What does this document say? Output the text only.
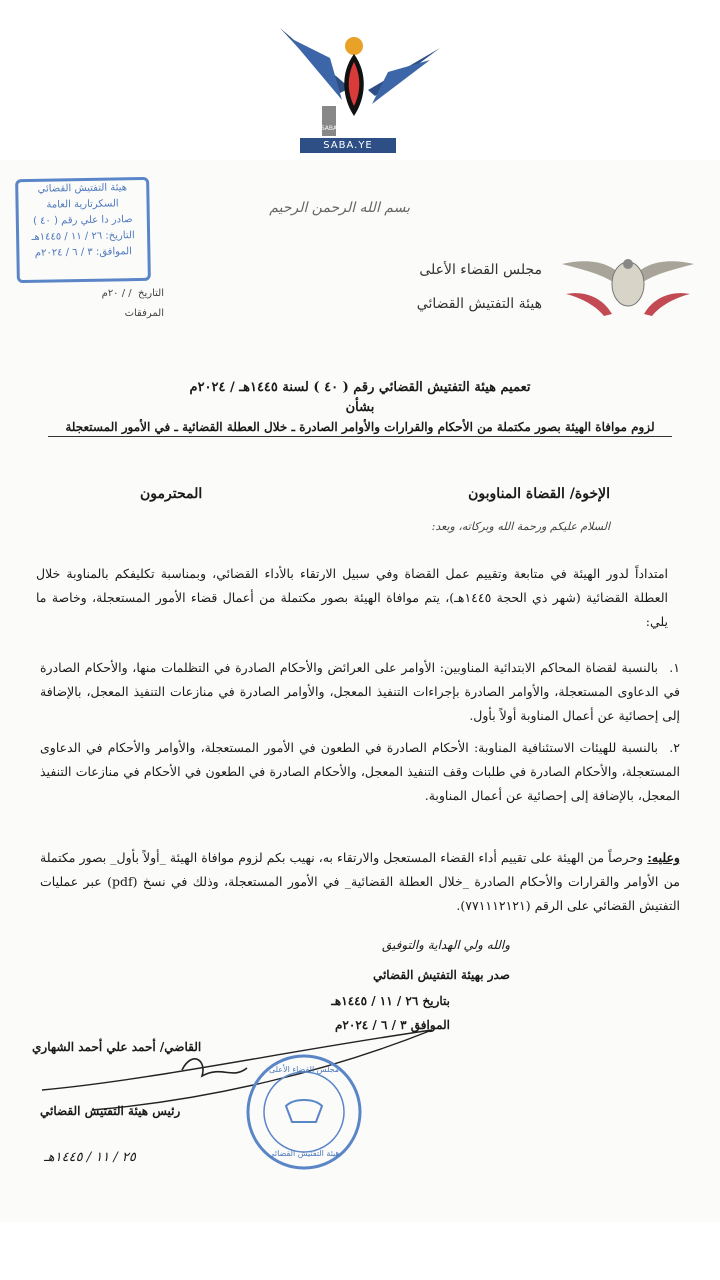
SABA
SABA.YE
هيئة التفتيش القضائي
السكرتارية العامة
صادر دا علي رقم ( ٤٠ )
التاريخ: ٢٦ / ١١ / ١٤٤٥هـ
الموافق: ٣ / ٦ / ٢٠٢٤م
التاريخ  / / ٢٠م
المرفقات
بسم الله الرحمن الرحيم
مجلس القضاء الأعلى
هيئة التفتيش القضائي
تعميم هيئة التفتيش القضائي رقم ( ٤٠ ) لسنة ١٤٤٥هـ / ٢٠٢٤م
بشأن
لزوم موافاة الهيئة بصور مكتملة من الأحكام والقرارات والأوامر الصادرة ـ خلال العطلة القضائية ـ في الأمور المستعجلة
الإخوة/ القضاة المناوبون
المحترمون
السلام عليكم ورحمة الله وبركاته، وبعد:
امتداداً لدور الهيئة في متابعة وتقييم عمل القضاة وفي سبيل الارتقاء بالأداء القضائي، وبمناسبة تكليفكم بالمناوبة خلال العطلة القضائية (شهر ذي الحجة ١٤٤٥هـ)، يتم موافاة الهيئة بصور مكتملة من أعمال قضاء الأمور المستعجلة، وخاصة ما يلي:
١.بالنسبة لقضاة المحاكم الابتدائية المناوبين: الأوامر على العرائض والأحكام الصادرة في التظلمات منها، والأحكام الصادرة في الدعاوى المستعجلة، والأوامر الصادرة بإجراءات التنفيذ المعجل، والأوامر الصادرة في منازعات التنفيذ المعجل، بالإضافة إلى إحصائية عن أعمال المناوبة أولاً بأول.
٢.بالنسبة للهيئات الاستئنافية المناوبة: الأحكام الصادرة في الطعون في الأمور المستعجلة، والأوامر والأحكام في الدعاوى المستعجلة، والأحكام الصادرة في طلبات وقف التنفيذ المعجل، والأحكام الصادرة في الطعون في الأحكام في منازعات التنفيذ المعجل، بالإضافة إلى إحصائية عن أعمال المناوبة.
وعليه: وحرصاً من الهيئة على تقييم أداء القضاء المستعجل والارتقاء به، نهيب بكم لزوم موافاة الهيئة _أولاً بأول_ بصور مكتملة من الأوامر والقرارات والأحكام الصادرة _خلال العطلة القضائية_ في الأمور المستعجلة، وذلك في نسخ (pdf) عبر عمليات التفتيش القضائي على الرقم (٧٧١١١٢١٢١).
والله ولي الهداية والتوفيق
صدر بهيئة التفتيش القضائي
بتاريخ ٢٦ / ١١ / ١٤٤٥هـ
الموافق ٣ / ٦ / ٢٠٢٤م
القاضي/ أحمد علي أحمد الشهاري
رئيس هيئة التفتيش القضائي
٢٥ / ١١ / ١٤٤٥هـ
مجلس القضاء الأعلى
هيئة التفتيش القضائي
